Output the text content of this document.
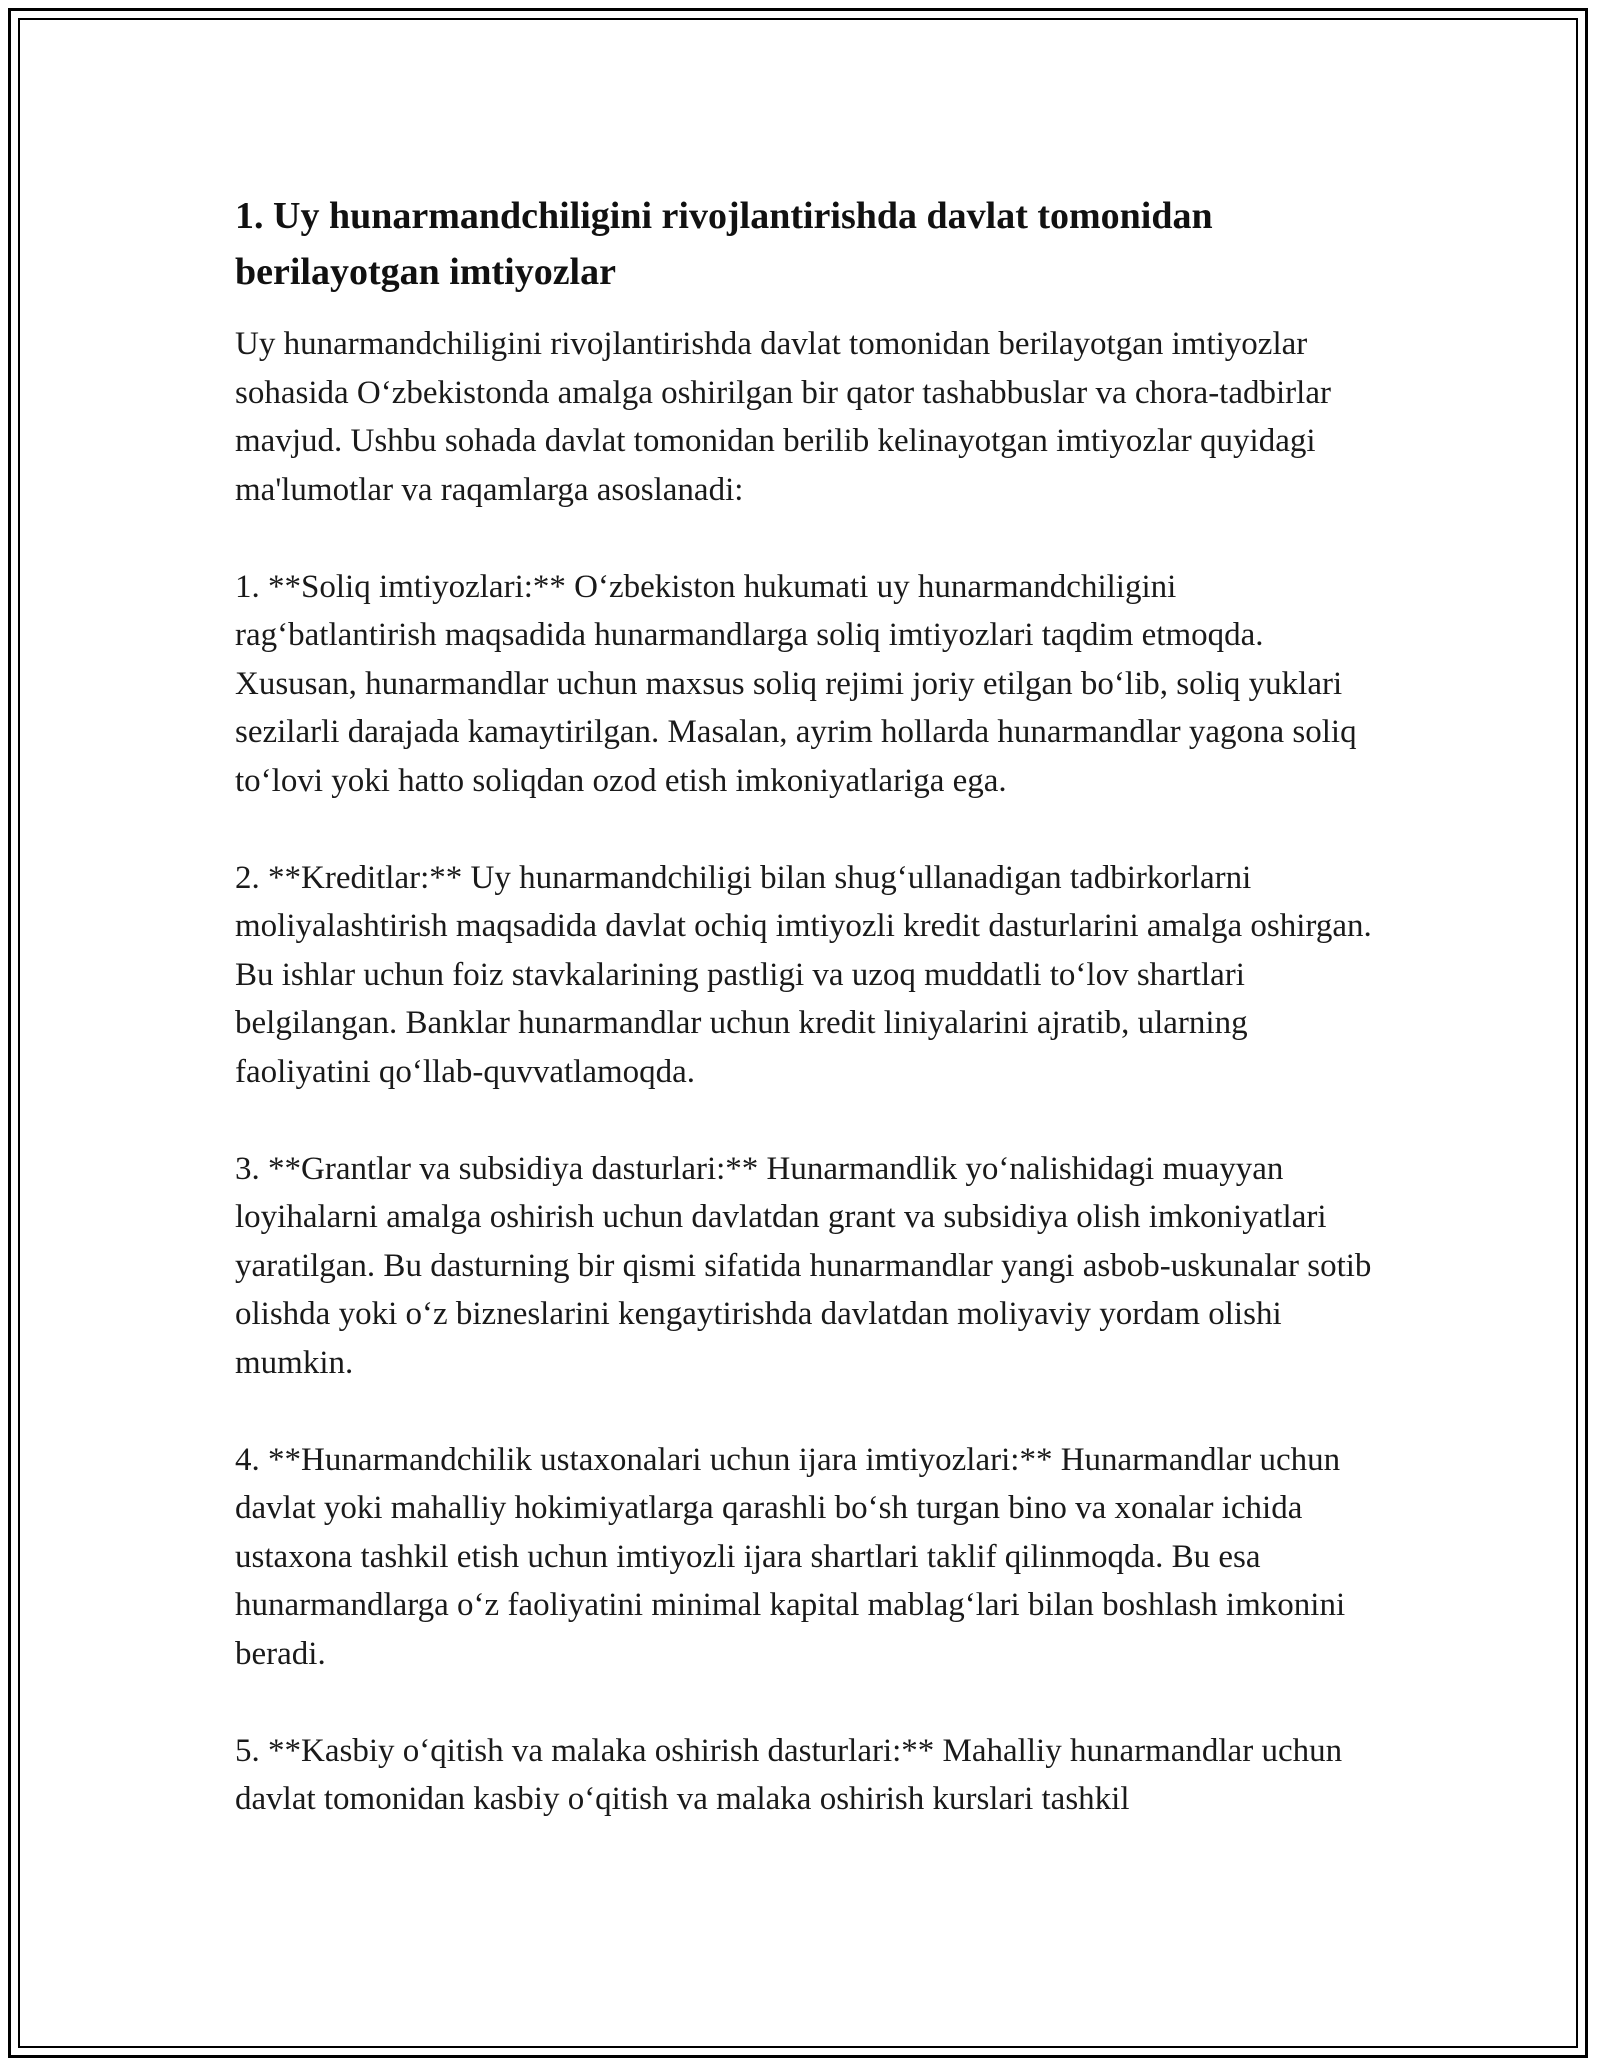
1. Uy hunarmandchiligini rivojlantirishda davlat tomonidan berilayotgan imtiyozlar

Uy hunarmandchiligini rivojlantirishda davlat tomonidan berilayotgan imtiyozlar sohasida O‘zbekistonda amalga oshirilgan bir qator tashabbuslar va chora-tadbirlar mavjud. Ushbu sohada davlat tomonidan berilib kelinayotgan imtiyozlar quyidagi ma'lumotlar va raqamlarga asoslanadi:

1. **Soliq imtiyozlari:** O‘zbekiston hukumati uy hunarmandchiligini rag‘batlantirish maqsadida hunarmandlarga soliq imtiyozlari taqdim etmoqda. Xususan, hunarmandlar uchun maxsus soliq rejimi joriy etilgan bo‘lib, soliq yuklari sezilarli darajada kamaytirilgan. Masalan, ayrim hollarda hunarmandlar yagona soliq to‘lovi yoki hatto soliqdan ozod etish imkoniyatlariga ega.

2. **Kreditlar:** Uy hunarmandchiligi bilan shug‘ullanadigan tadbirkorlarni moliyalashtirish maqsadida davlat ochiq imtiyozli kredit dasturlarini amalga oshirgan. Bu ishlar uchun foiz stavkalarining pastligi va uzoq muddatli to‘lov shartlari belgilangan. Banklar hunarmandlar uchun kredit liniyalarini ajratib, ularning faoliyatini qo‘llab-quvvatlamoqda.

3. **Grantlar va subsidiya dasturlari:** Hunarmandlik yo‘nalishidagi muayyan loyihalarni amalga oshirish uchun davlatdan grant va subsidiya olish imkoniyatlari yaratilgan. Bu dasturning bir qismi sifatida hunarmandlar yangi asbob-uskunalar sotib olishda yoki o‘z bizneslarini kengaytirishda davlatdan moliyaviy yordam olishi mumkin.

4. **Hunarmandchilik ustaxonalari uchun ijara imtiyozlari:** Hunarmandlar uchun davlat yoki mahalliy hokimiyatlarga qarashli bo‘sh turgan bino va xonalar ichida ustaxona tashkil etish uchun imtiyozli ijara shartlari taklif qilinmoqda. Bu esa hunarmandlarga o‘z faoliyatini minimal kapital mablag‘lari bilan boshlash imkonini beradi.

5. **Kasbiy o‘qitish va malaka oshirish dasturlari:** Mahalliy hunarmandlar uchun davlat tomonidan kasbiy o‘qitish va malaka oshirish kurslari tashkil
